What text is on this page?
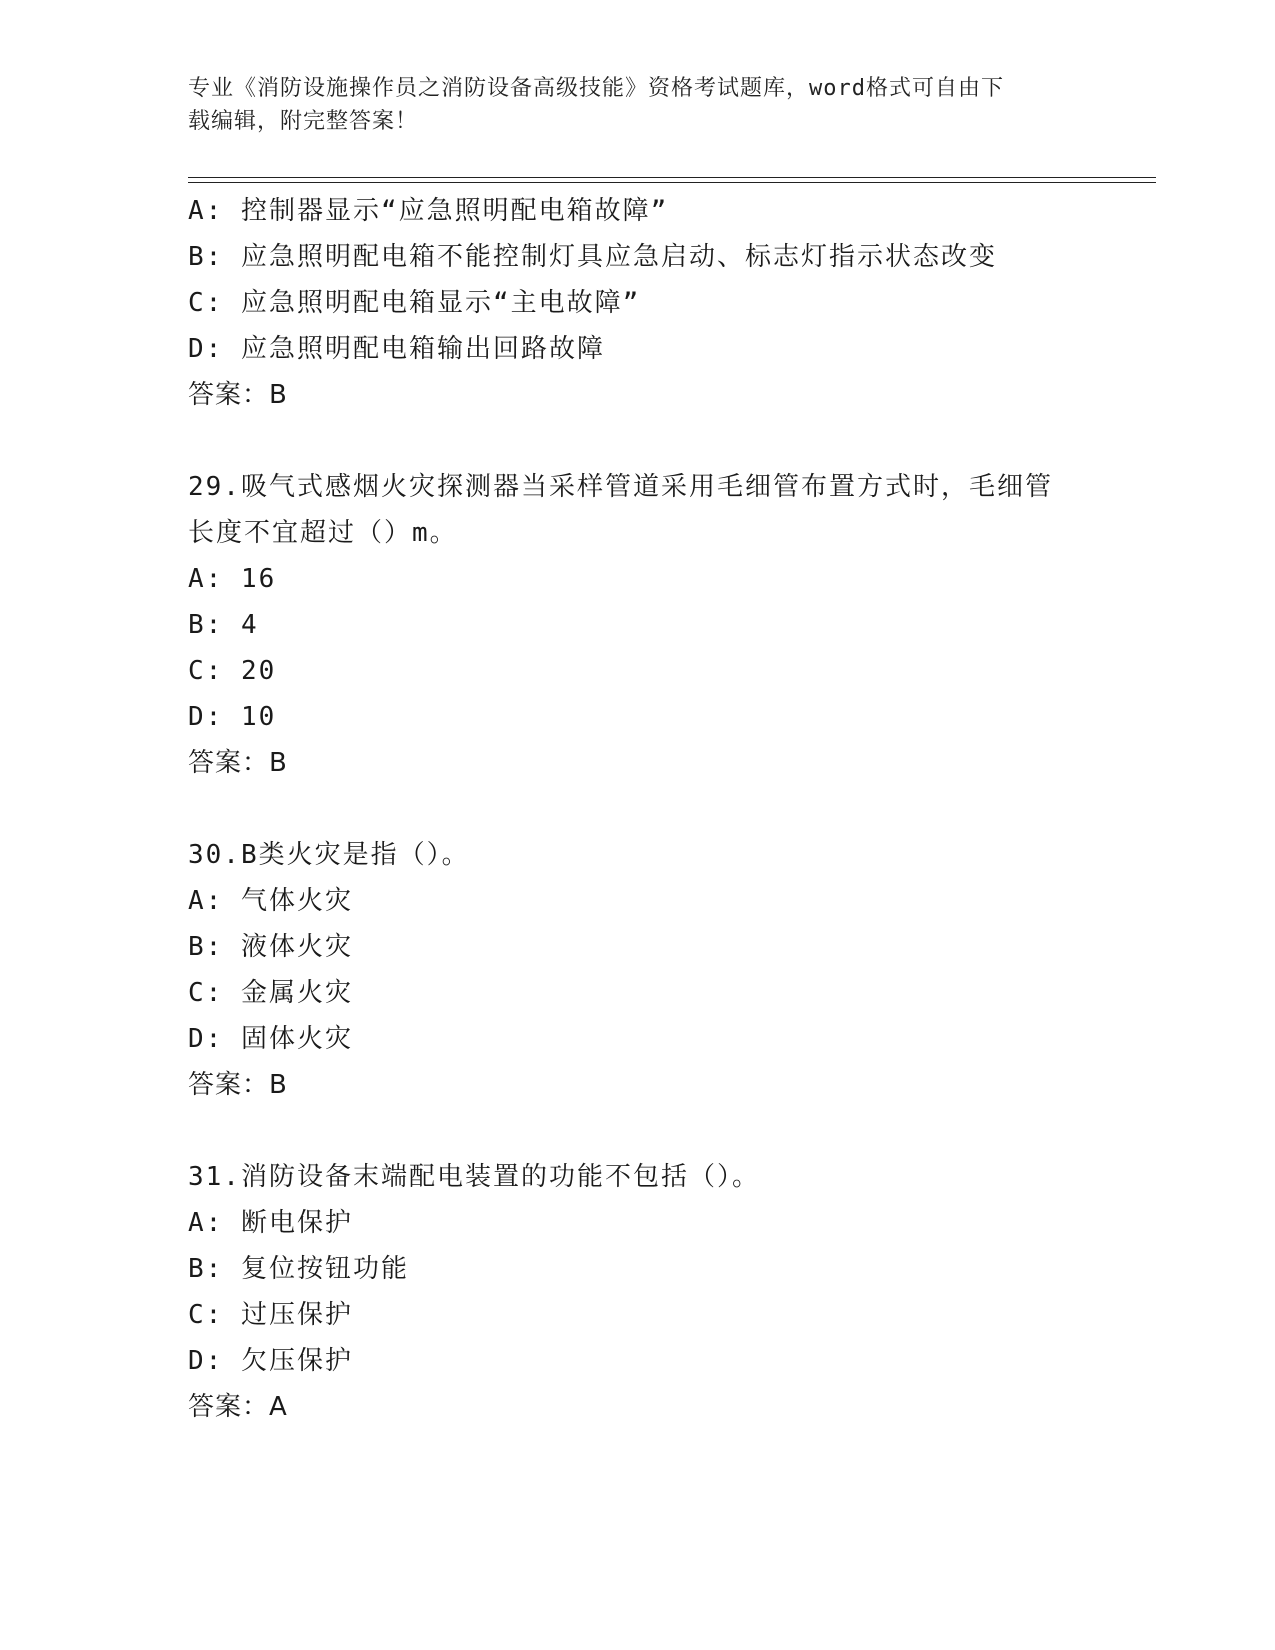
专业《消防设施操作员之消防设备高级技能》资格考试题库，word格式可自由下
载编辑，附完整答案！
A: 控制器显示“应急照明配电箱故障”
B: 应急照明配电箱不能控制灯具应急启动、标志灯指示状态改变
C: 应急照明配电箱显示“主电故障”
D: 应急照明配电箱输出回路故障
答案：B
29.吸气式感烟火灾探测器当采样管道采用毛细管布置方式时，毛细管
长度不宜超过（）m。
A: 16
B: 4
C: 20
D: 10
答案：B
30.B类火灾是指（）。
A: 气体火灾
B: 液体火灾
C: 金属火灾
D: 固体火灾
答案：B
31.消防设备末端配电装置的功能不包括（）。
A: 断电保护
B: 复位按钮功能
C: 过压保护
D: 欠压保护
答案：A
